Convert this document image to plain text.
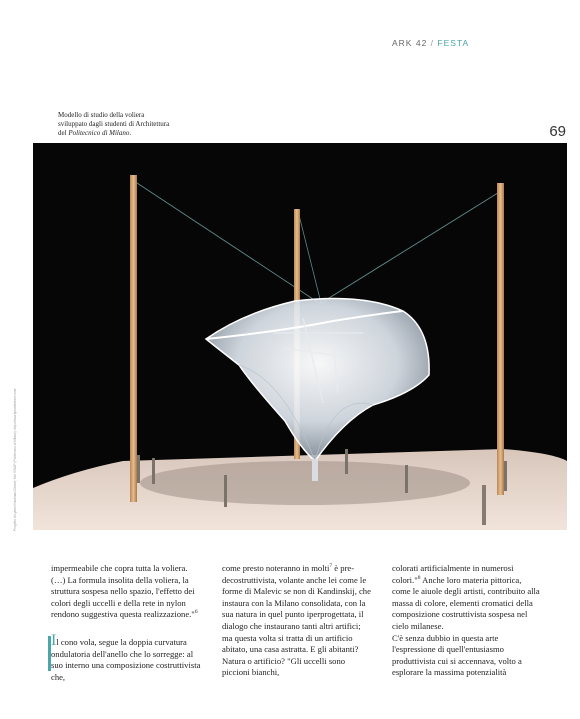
ARK 42 / FESTA
Modello di studio della voliera
sviluppato dagli studenti di Architettura
del Politecnico di Milano.	69
Progetto di Lyonel Kaufman-Dietzel; foto ©SIAP (Politecnico di Milano). http://www.lyoneldietzel.com/

impermeabile che copra tutta la voliera. (…) La formula insolita della voliera, la struttura sospesa nello spazio, l'effetto dei colori degli uccelli e della rete in nylon rendono suggestiva questa realizzazione."$^6$

Il cono vola, segue la doppia curvatura ondulatoria dell'anello che lo sorregge: al suo interno una composizione costruttivista che,

come presto noteranno in molti$^7$ è pre-decostruttivista, volante anche lei come le forme di Malevic se non di Kandinskij, che instaura con la Milano consolidata, con la sua natura in quel punto iperprogettata, il dialogo che instaurano tanti altri artifici; ma questa volta si tratta di un artificio abitato, una casa astratta. E gli abitanti? Natura o artificio? "Gli uccelli sono piccioni bianchi,

colorati artificialmente in numerosi colori."$^8$ Anche loro materia pittorica, come le aiuole degli artisti, contribuito alla massa di colore, elementi cromatici della composizione costruttivista sospesa nel cielo milanese.

C'è senza dubbio in questa arte l'espressione di quell'entusiasmo produttivista cui si accennava, volto a esplorare la massima potenzialità
